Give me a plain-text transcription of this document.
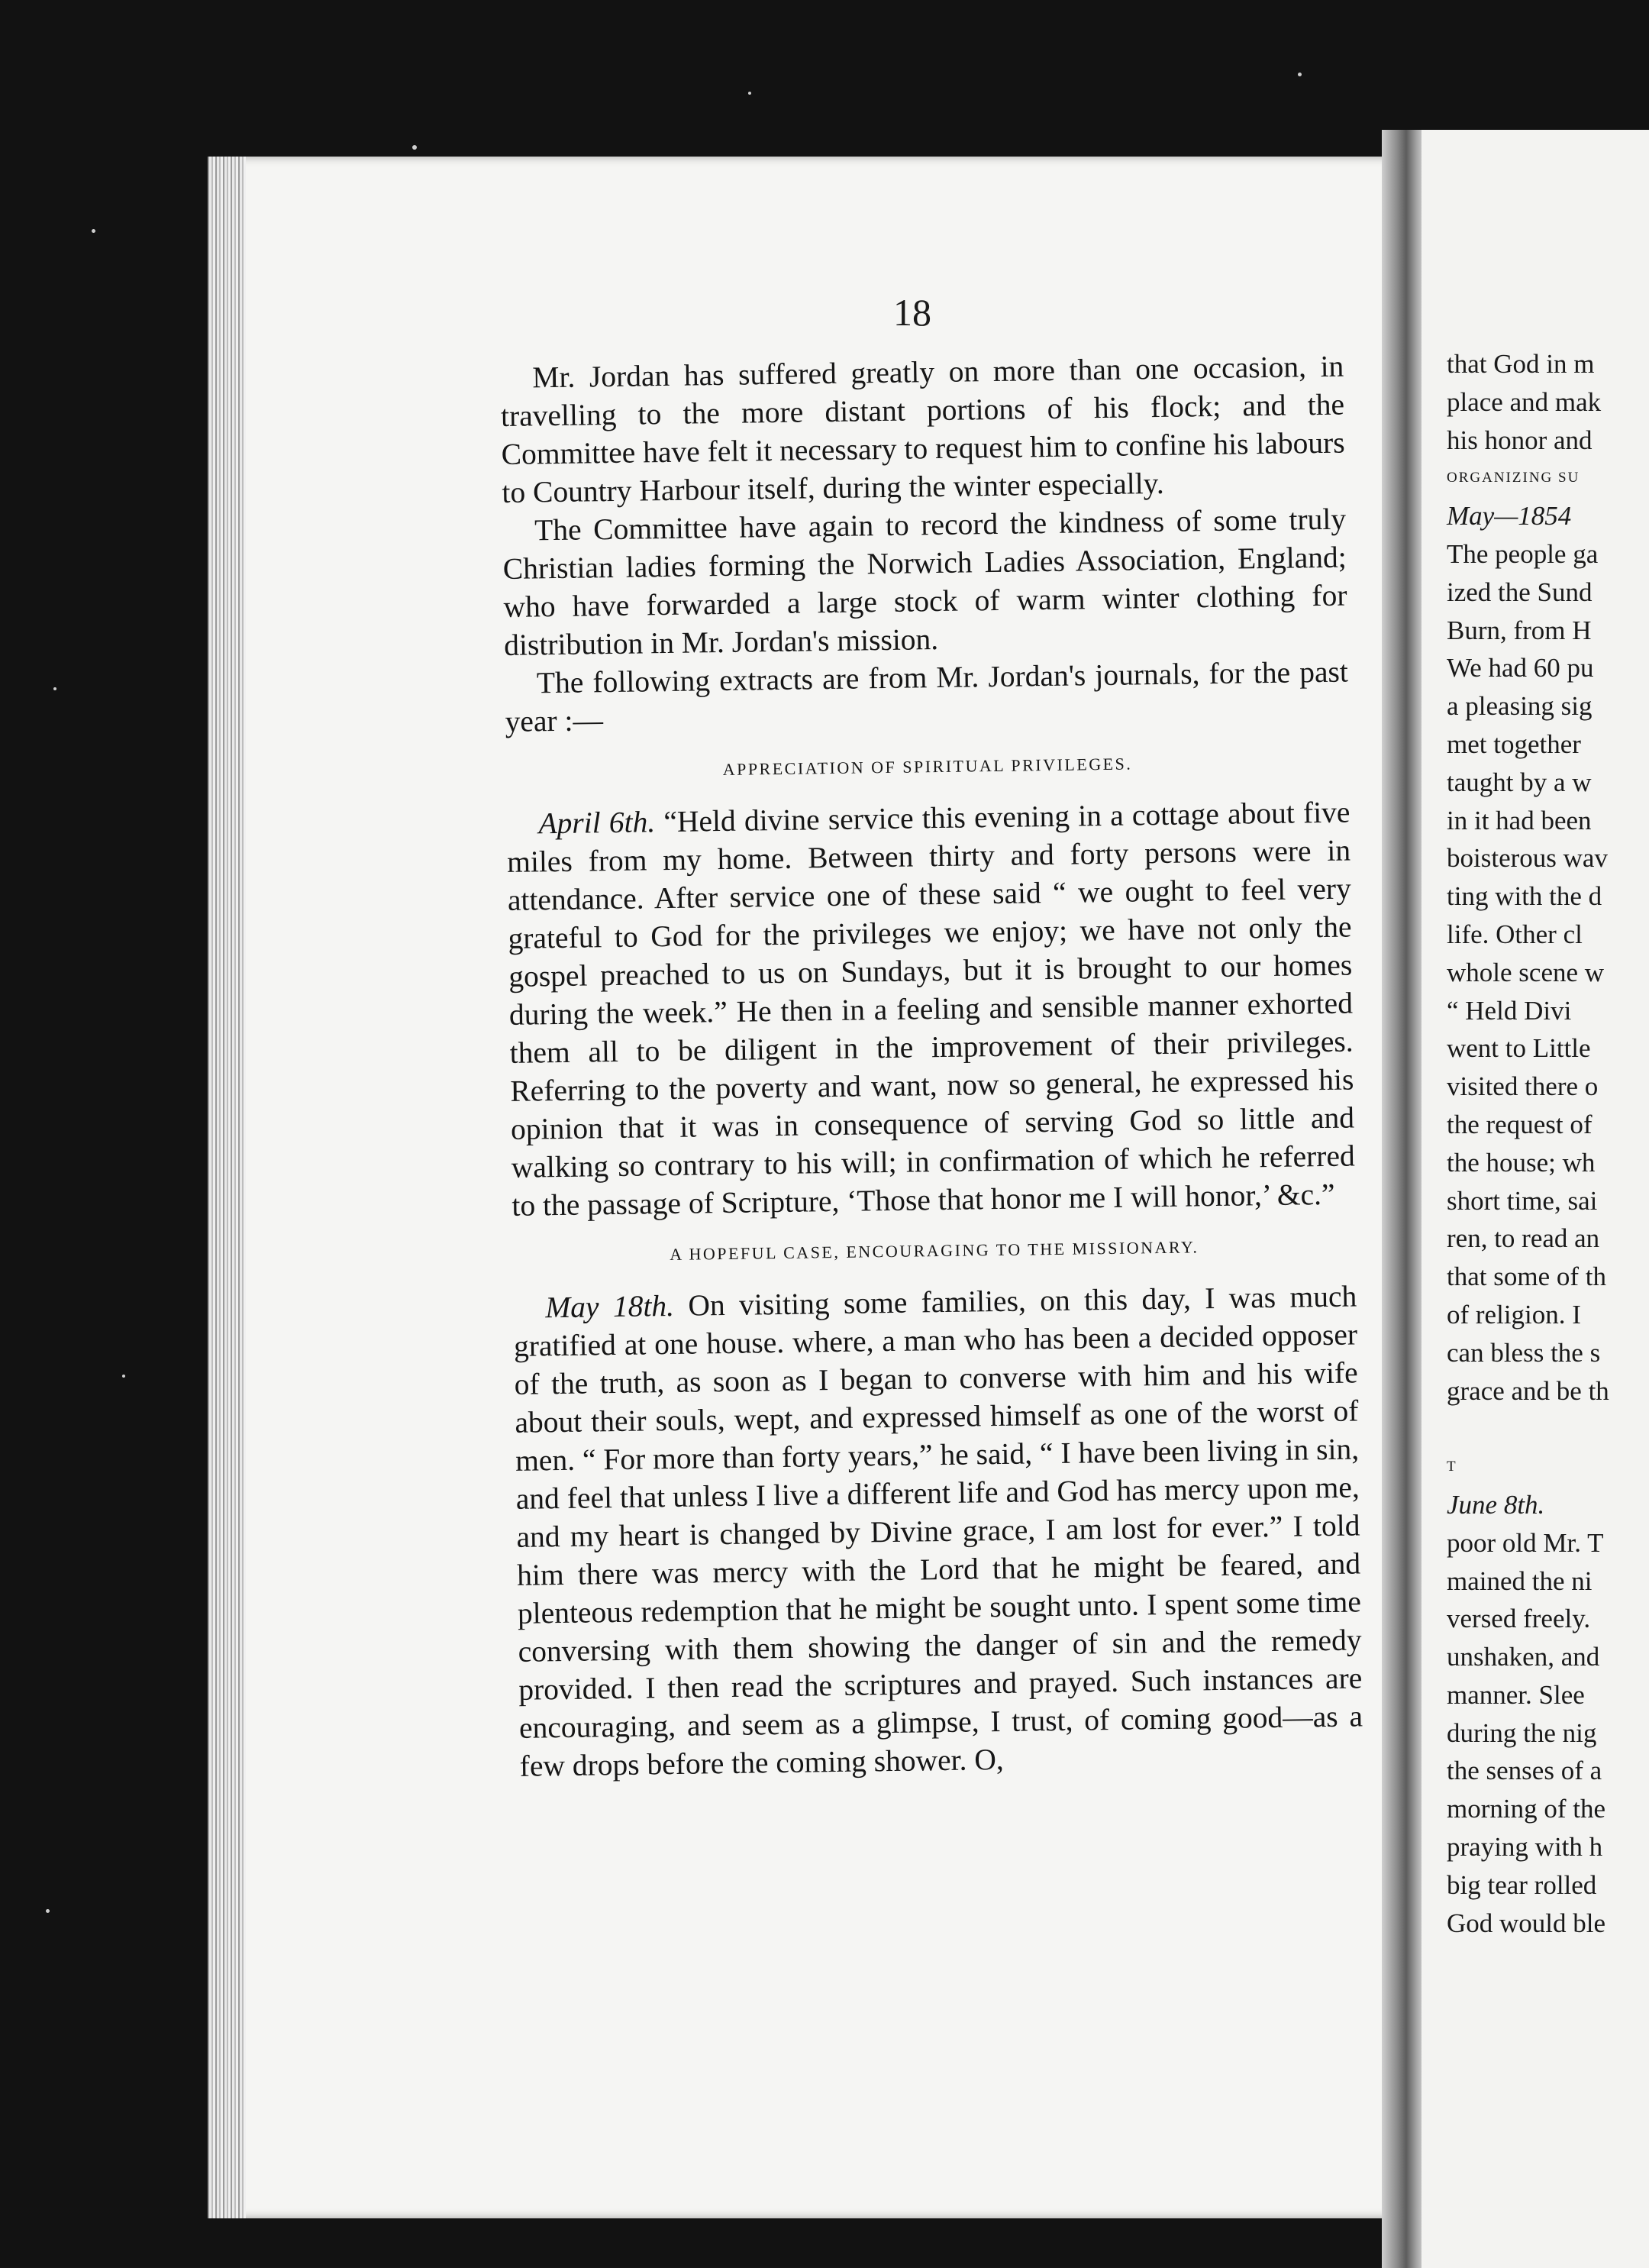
18

Mr. Jordan has suffered greatly on more than one occasion, in travelling to the more distant portions of his flock; and the Committee have felt it necessary to request him to confine his labours to Country Harbour itself, during the winter especially.

The Committee have again to record the kindness of some truly Christian ladies forming the Norwich Ladies Association, England; who have forwarded a large stock of warm winter clothing for distribution in Mr. Jordan's mission.

The following extracts are from Mr. Jordan's journals, for the past year :—

APPRECIATION OF SPIRITUAL PRIVILEGES.

April 6th. “Held divine service this evening in a cottage about five miles from my home. Between thirty and forty persons were in attendance. After service one of these said “ we ought to feel very grateful to God for the privileges we enjoy; we have not only the gospel preached to us on Sundays, but it is brought to our homes during the week.” He then in a feeling and sensible manner exhorted them all to be diligent in the improvement of their privileges. Referring to the poverty and want, now so general, he expressed his opinion that it was in consequence of serving God so little and walking so contrary to his will; in confirmation of which he referred to the passage of Scripture, ‘Those that honor me I will honor,’ &c.”

A HOPEFUL CASE, ENCOURAGING TO THE MISSIONARY.

May 18th. On visiting some families, on this day, I was much gratified at one house. where, a man who has been a decided opposer of the truth, as soon as I began to converse with him and his wife about their souls, wept, and expressed himself as one of the worst of men. “ For more than forty years,” he said, “ I have been living in sin, and feel that unless I live a different life and God has mercy upon me, and my heart is changed by Divine grace, I am lost for ever.” I told him there was mercy with the Lord that he might be feared, and plenteous redemption that he might be sought unto. I spent some time conversing with them showing the danger of sin and the remedy provided. I then read the scriptures and prayed. Such instances are encouraging, and seem as a glimpse, I trust, of coming good—as a few drops before the coming shower. O,

that God in m
place and mak
his honor and
ORGANIZING SU
May—1854
The people ga
ized the Sund
Burn, from H
We had 60 pu
a pleasing sig
met together
taught by a w
in it had been
boisterous wav
ting with the d
life. Other cl
whole scene w
“ Held Divi
went to Little
visited there o
the request of
the house; wh
short time, sai
ren, to read an
that some of th
of religion. I
can bless the s
grace and be th
T
June 8th.
poor old Mr. T
mained the ni
versed freely.
unshaken, and
manner. Slee
during the nig
the senses of a
morning of the
praying with h
big tear rolled
God would ble
